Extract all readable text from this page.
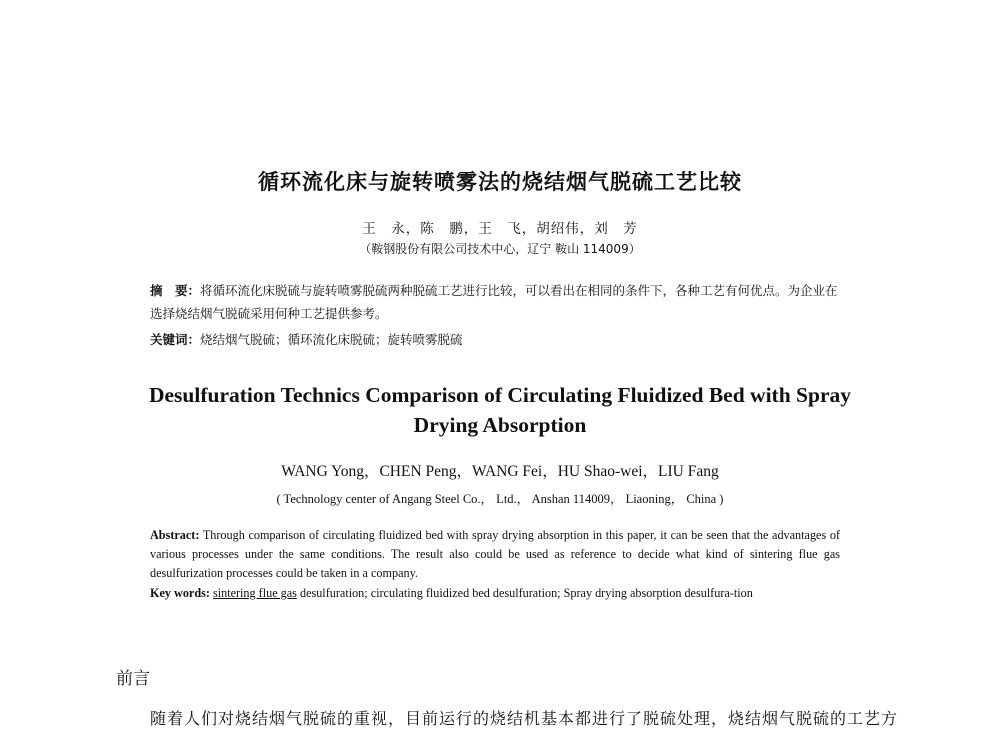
循环流化床与旋转喷雾法的烧结烟气脱硫工艺比较
王　永，陈　鹏，王　飞，胡绍伟，刘　芳
（鞍钢股份有限公司技术中心，辽宁 鞍山 114009）
摘　要：将循环流化床脱硫与旋转喷雾脱硫两种脱硫工艺进行比较，可以看出在相同的条件下，各种工艺有何优点。为企业在选择烧结烟气脱硫采用何种工艺提供参考。
关键词：烧结烟气脱硫；循环流化床脱硫；旋转喷雾脱硫
Desulfuration Technics Comparison of Circulating Fluidized Bed with Spray Drying Absorption
WANG Yong，CHEN Peng，WANG Fei，HU Shao-wei，LIU Fang
( Technology center of Angang Steel Co.， Ltd.， Anshan 114009， Liaoning， China )
Abstract: Through comparison of circulating fluidized bed with spray drying absorption in this paper, it can be seen that the advantages of various processes under the same conditions. The result also could be used as reference to decide what kind of sintering flue gas desulfurization processes could be taken in a company.
Key words: sintering flue gas desulfuration; circulating fluidized bed desulfuration; Spray drying absorption desulfura-tion
前言
随着人们对烧结烟气脱硫的重视，目前运行的烧结机基本都进行了脱硫处理，烧结烟气脱硫的工艺方
